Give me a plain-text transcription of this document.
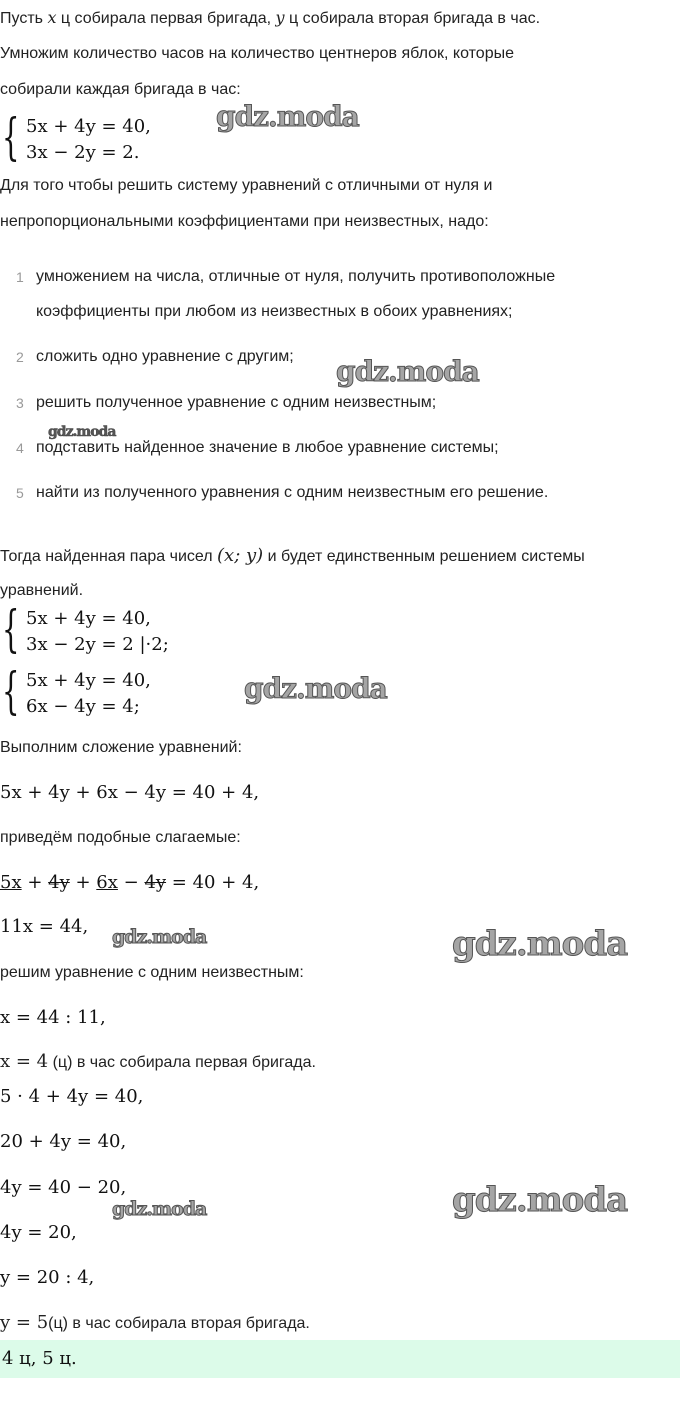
Пусть x ц собирала первая бригада, y ц собирала вторая бригада в час.
Умножим количество часов на количество центнеров яблок, которые
собирали каждая бригада в час:
{ 5x + 4y = 40,
3x − 2y = 2.
Для того чтобы решить систему уравнений с отличными от нуля и
непропорциональными коэффициентами при неизвестных, надо:
1 умножением на числа, отличные от нуля, получить противоположные
коэффициенты при любом из неизвестных в обоих уравнениях;
2 сложить одно уравнение с другим;
3 решить полученное уравнение с одним неизвестным;
4 подставить найденное значение в любое уравнение системы;
5 найти из полученного уравнения с одним неизвестным его решение.
Тогда найденная пара чисел (x; y) и будет единственным решением системы
уравнений.
{ 5x + 4y = 40,
3x − 2y = 2 |·2;
{ 5x + 4y = 40,
6x − 4y = 4;
Выполним сложение уравнений:
5x + 4y + 6x − 4y = 40 + 4,
приведём подобные слагаемые:
5x + 4y + 6x − 4y = 40 + 4,
11x = 44,
решим уравнение с одним неизвестным:
x = 44 : 11,
x = 4 (ц) в час собирала первая бригада.
5 · 4 + 4y = 40,
20 + 4y = 40,
4y = 40 − 20,
4y = 20,
y = 20 : 4,
y = 5(ц) в час собирала вторая бригада.
4 ц, 5 ц.
gdz.moda
gdz.moda
gdz.moda
gdz.moda
gdz.moda	gdz.moda
gdz.moda	gdz.moda
